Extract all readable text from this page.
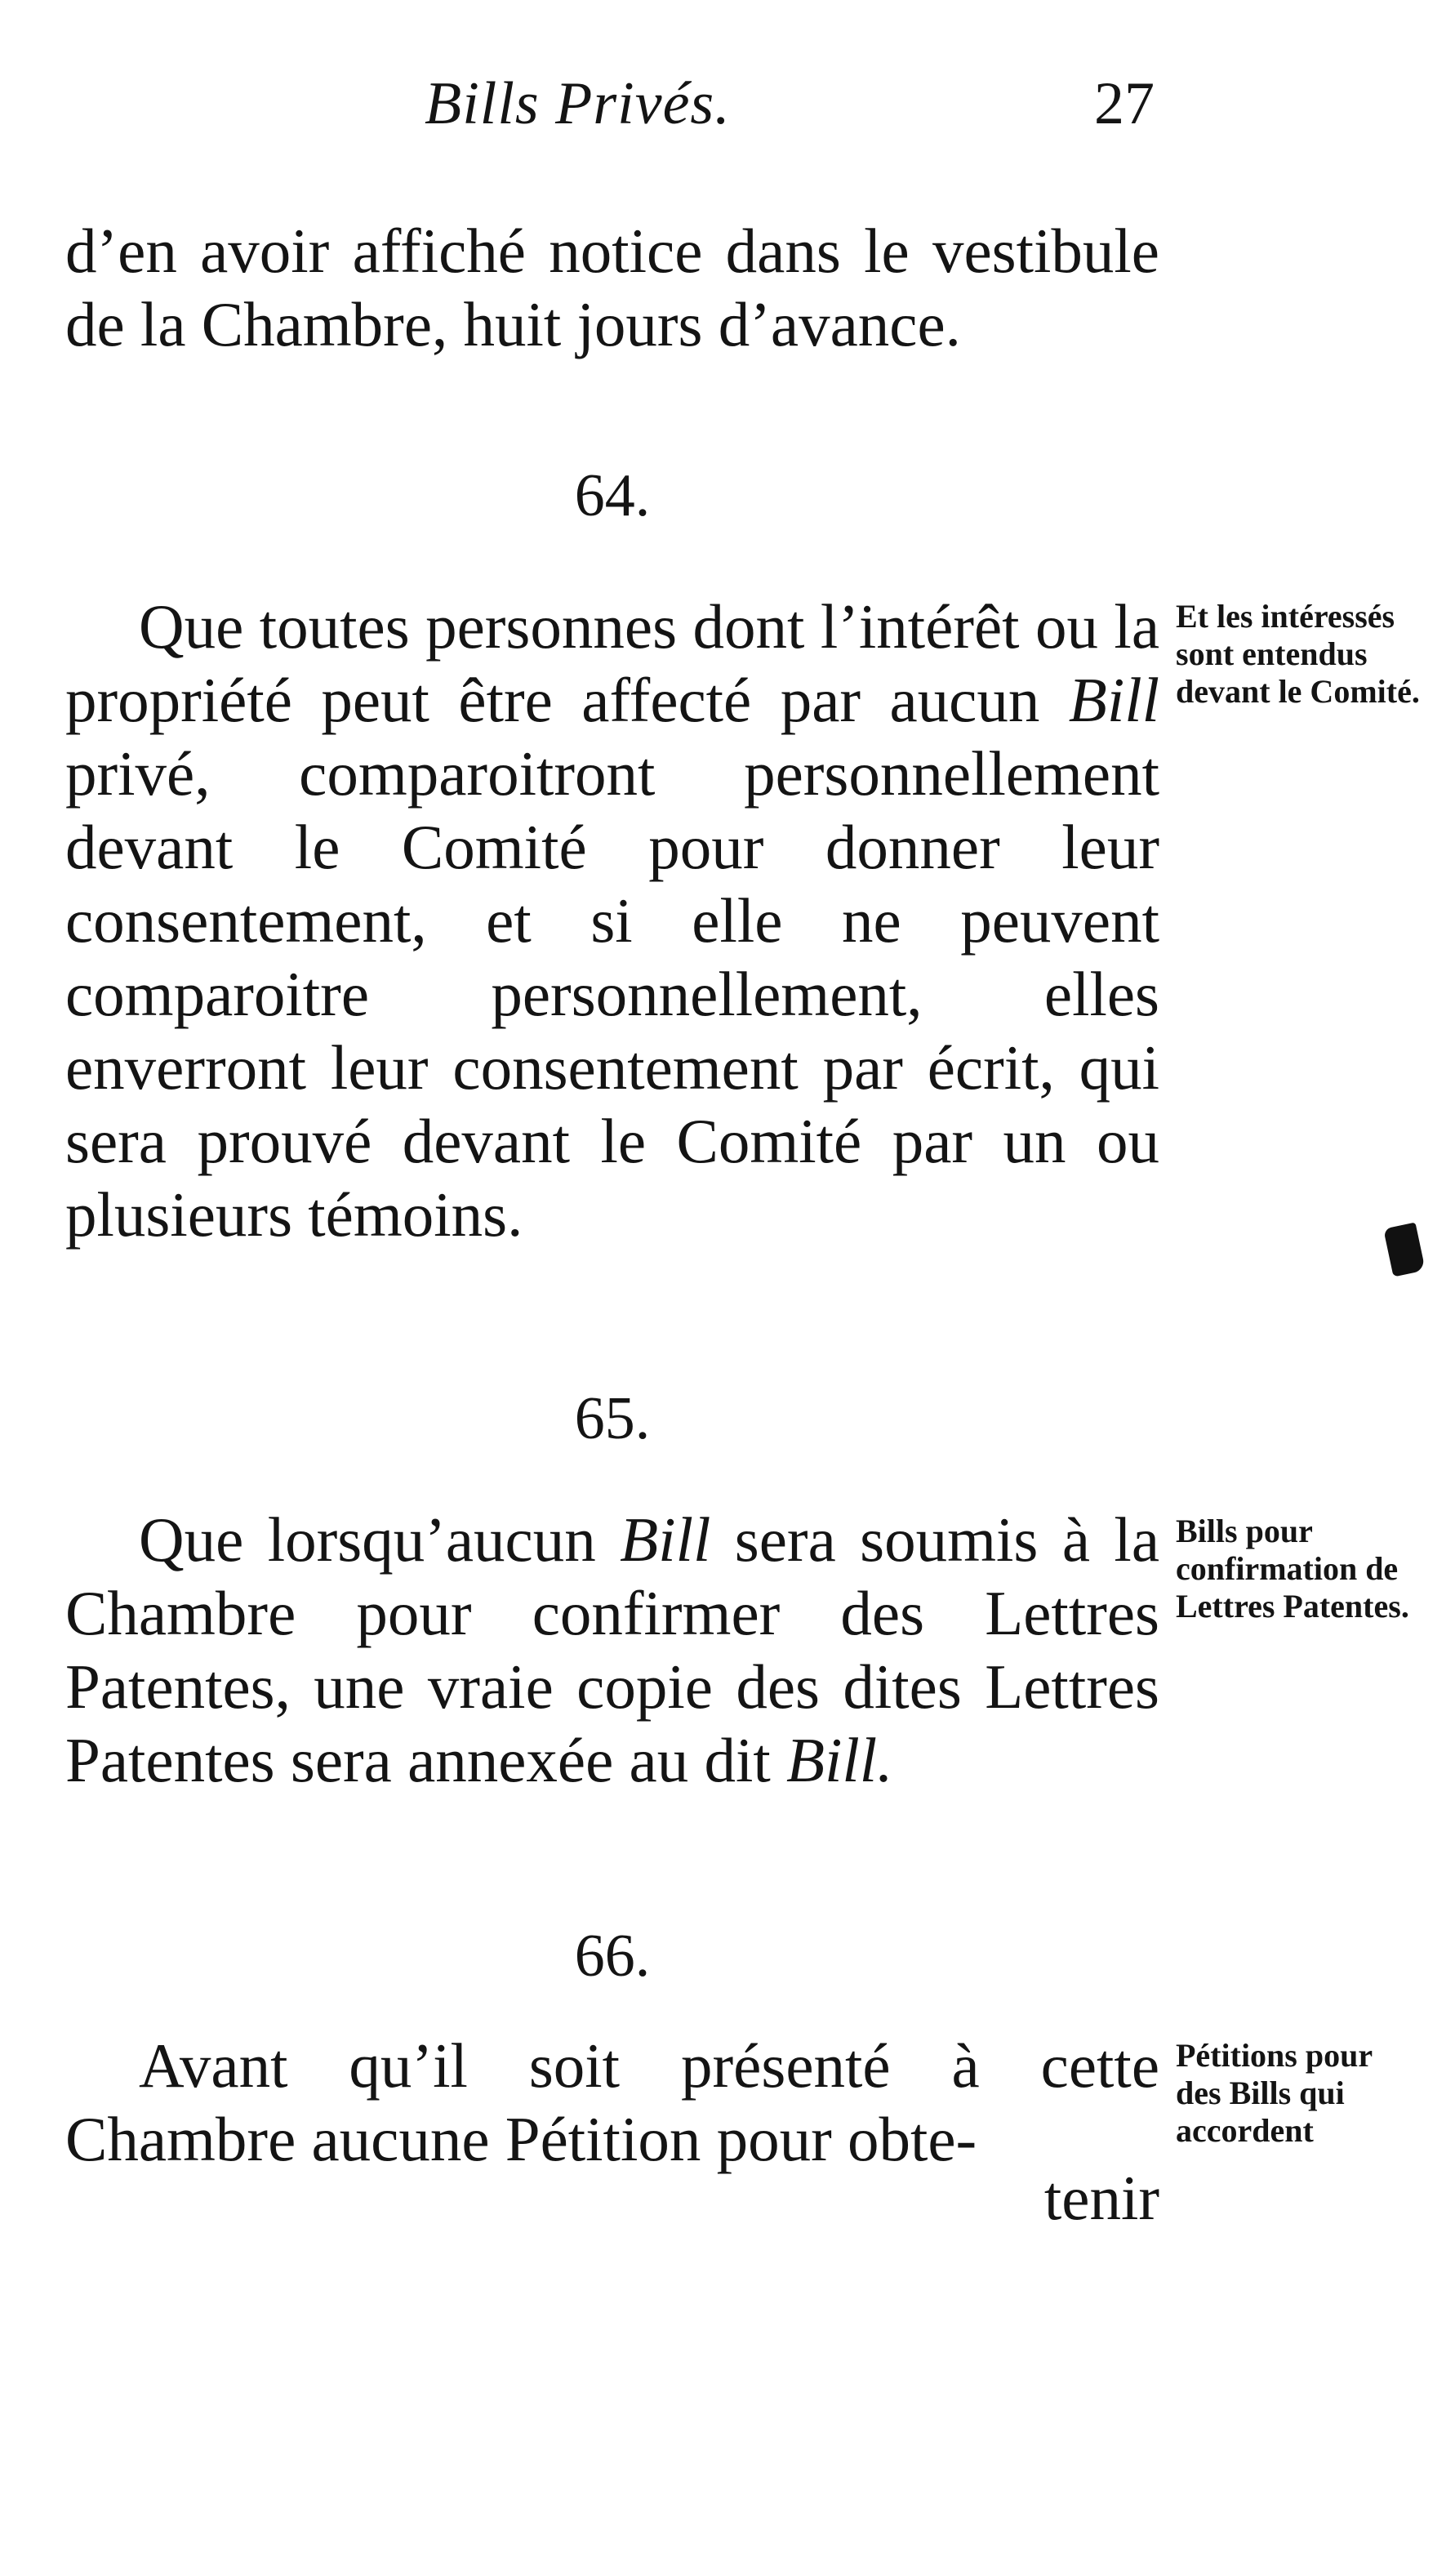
Bills Privés.	27

d’en avoir affiché notice dans le vestibule de la Chambre, huit jours d’avance.

64.

Que toutes personnes dont l’intérêt ou la propriété peut être affecté par aucun Bill privé, comparoitront personnellement devant le Comité pour donner leur consentement, et si elle ne peuvent comparoitre personnellement, elles enverront leur consentement par écrit, qui sera prouvé devant le Comité par un ou plusieurs témoins.

Et les intéressés sont entendus devant le Comité.
65.

Que lorsqu’aucun Bill sera soumis à la Chambre pour confirmer des Lettres Patentes, une vraie copie des dites Lettres Patentes sera annexée au dit Bill.

Bills pour confirmation de Lettres Patentes.
66.

Avant qu’il soit présenté à cette Chambre aucune Pétition pour obte-

Pétitions pour des Bills qui accordent
tenir
